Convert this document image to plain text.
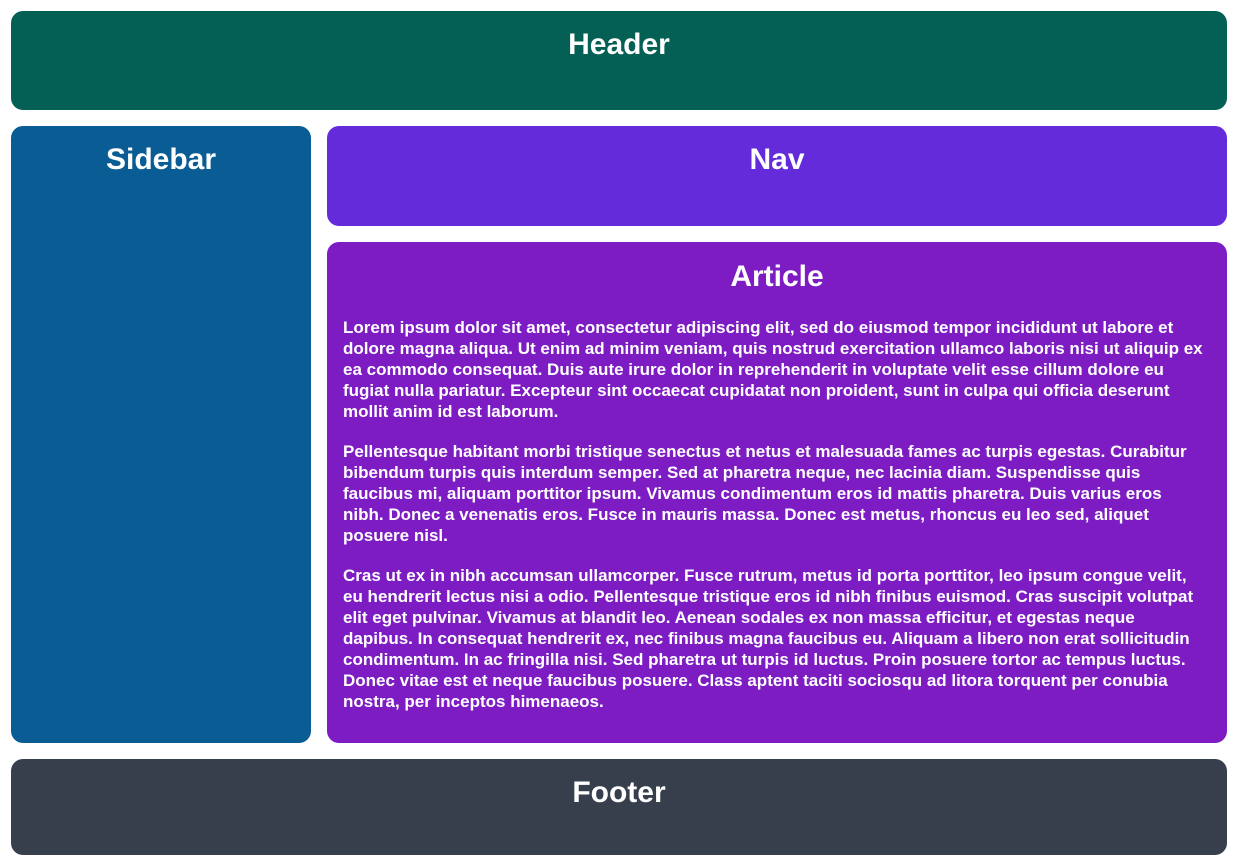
Header
Sidebar	Nav
Article

Lorem ipsum dolor sit amet, consectetur adipiscing elit, sed do eiusmod tempor incididunt ut labore et dolore magna aliqua. Ut enim ad minim veniam, quis nostrud exercitation ullamco laboris nisi ut aliquip ex ea commodo consequat. Duis aute irure dolor in reprehenderit in voluptate velit esse cillum dolore eu fugiat nulla pariatur. Excepteur sint occaecat cupidatat non proident, sunt in culpa qui officia deserunt mollit anim id est laborum.

Pellentesque habitant morbi tristique senectus et netus et malesuada fames ac turpis egestas. Curabitur bibendum turpis quis interdum semper. Sed at pharetra neque, nec lacinia diam. Suspendisse quis faucibus mi, aliquam porttitor ipsum. Vivamus condimentum eros id mattis pharetra. Duis varius eros nibh. Donec a venenatis eros. Fusce in mauris massa. Donec est metus, rhoncus eu leo sed, aliquet posuere nisl.

Cras ut ex in nibh accumsan ullamcorper. Fusce rutrum, metus id porta porttitor, leo ipsum congue velit, eu hendrerit lectus nisi a odio. Pellentesque tristique eros id nibh finibus euismod. Cras suscipit volutpat elit eget pulvinar. Vivamus at blandit leo. Aenean sodales ex non massa efficitur, et egestas neque dapibus. In consequat hendrerit ex, nec finibus magna faucibus eu. Aliquam a libero non erat sollicitudin condimentum. In ac fringilla nisi. Sed pharetra ut turpis id luctus. Proin posuere tortor ac tempus luctus. Donec vitae est et neque faucibus posuere. Class aptent taciti sociosqu ad litora torquent per conubia nostra, per inceptos himenaeos.

Footer
